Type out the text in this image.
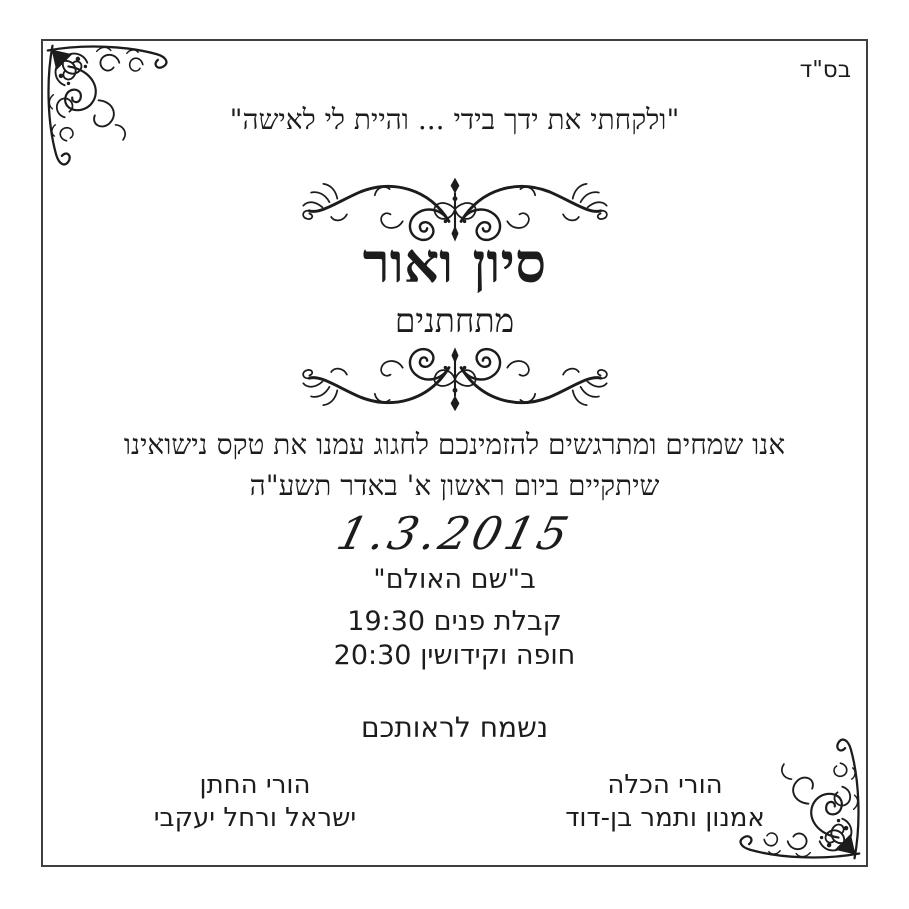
בס"ד
"ולקחתי את ידך בידי ... והיית לי לאישה"
סיון ואור
מתחתנים
אנו שמחים ומתרגשים להזמינכם לחגוג עמנו את טקס נישואינו
שיתקיים ביום ראשון א' באדר תשע"ה
1.3.2015
ב"שם האולם"
קבלת פנים 19:30
חופה וקידושין 20:30
נשמח לראותכם
הורי החתן
ישראל ורחל יעקבי
הורי הכלה
אמנון ותמר בן-דוד
